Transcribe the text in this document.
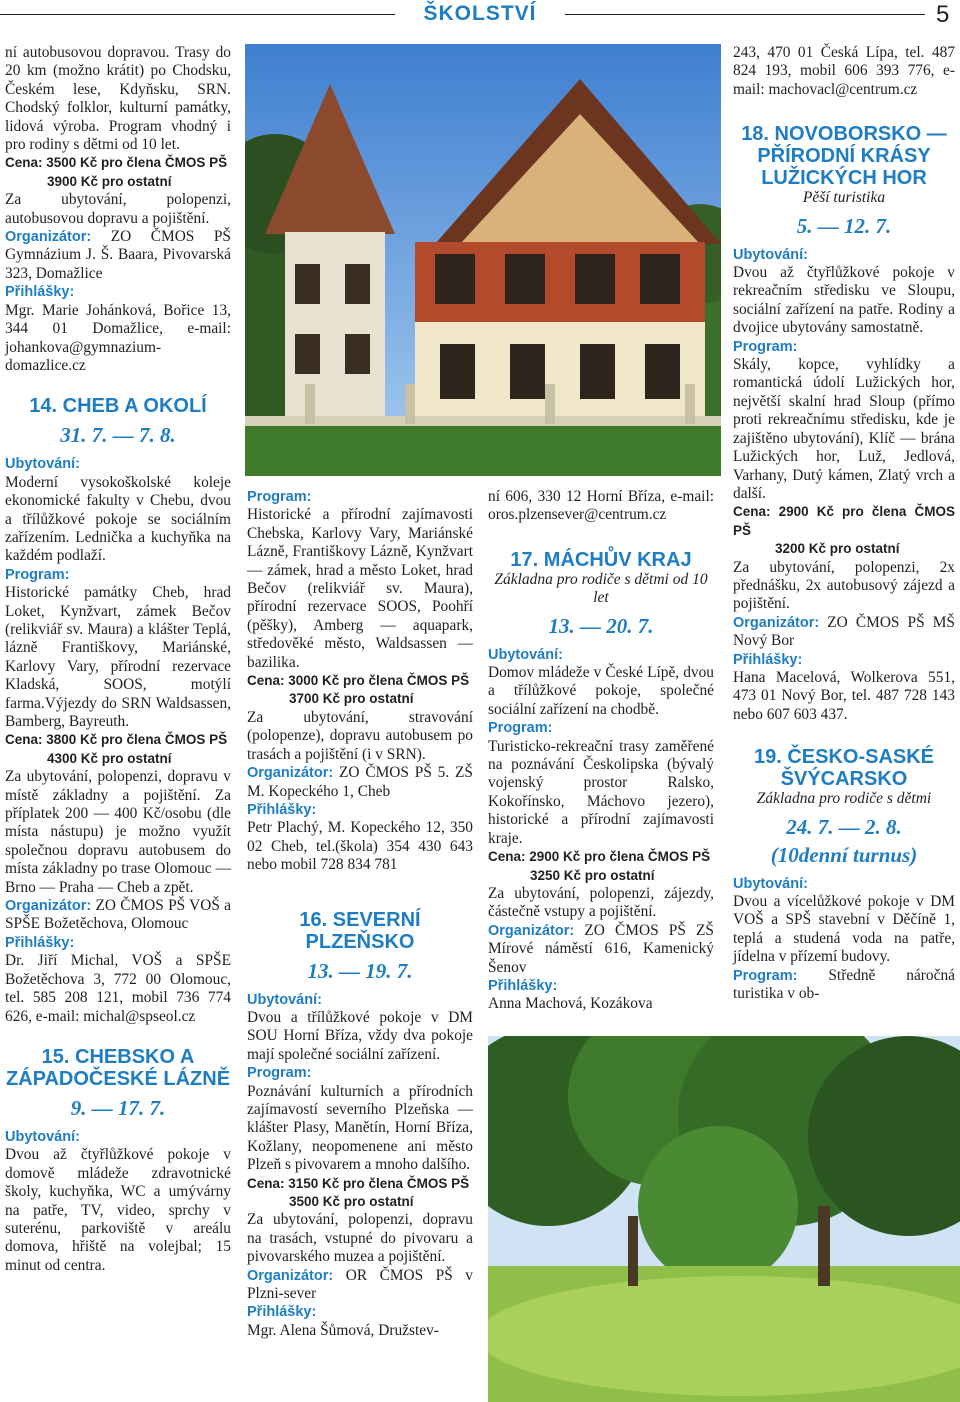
ŠKOLSTVÍ	5

ní autobusovou dopravou. Trasy do 20 km (možno krátit) po Chodsku, Českém lese, Kdyňsku, SRN. Chodský folklor, kulturní památky, lidová výroba. Program vhodný i pro rodiny s dětmi od 10 let.

Cena: 3500 Kč pro člena ČMOS PŠ

3900 Kč pro ostatní

Za ubytování, polopenzi, autobusovou dopravu a pojištění.

Organizátor: ZO ČMOS PŠ Gymnázium J. Š. Baara, Pivovarská 323, Domažlice

Přihlášky:

Mgr. Marie Johánková, Bořice 13, 344 01 Domažlice, e-mail: johankova@gymnazium-domazlice.cz

14. CHEB A OKOLÍ
31. 7. — 7. 8.

Ubytování:

Moderní vysokoškolské koleje ekonomické fakulty v Chebu, dvou a třílůžkové pokoje se sociálním zařízením. Lednička a kuchyňka na každém podlaží.

Program:

Historické památky Cheb, hrad Loket, Kynžvart, zámek Bečov (relikviář sv. Maura) a klášter Teplá, lázně Františkovy, Mariánské, Karlovy Vary, přírodní rezervace Kladská, SOOS, motýlí farma.Výjezdy do SRN Waldsassen, Bamberg, Bayreuth.

Cena: 3800 Kč pro člena ČMOS PŠ

4300 Kč pro ostatní

Za ubytování, polopenzi, dopravu v místě základny a pojištění. Za příplatek 200 — 400 Kč/osobu (dle místa nástupu) je možno využít společnou dopravu autobusem do místa základny po trase Olomouc — Brno — Praha — Cheb a zpět.

Organizátor: ZO ČMOS PŠ VOŠ a SPŠE Božetěchova, Olomouc

Přihlášky:

Dr. Jiří Michal, VOŠ a SPŠE Božetěchova 3, 772 00 Olomouc, tel. 585 208 121, mobil 736 774 626, e-mail: michal@spseol.cz

15. CHEBSKO A ZÁPADOČESKÉ LÁZNĚ
9. — 17. 7.

Ubytování:

Dvou až čtyřlůžkové pokoje v domově mládeže zdravotnické školy, kuchyňka, WC a umývárny na patře, TV, video, sprchy v suterénu, parkoviště v areálu domova, hřiště na volejbal; 15 minut od centra.

Program:

Historické a přírodní zajímavosti Chebska, Karlovy Vary, Mariánské Lázně, Františkovy Lázně, Kynžvart — zámek, hrad a město Loket, hrad Bečov (relikviář sv. Maura), přírodní rezervace SOOS, Poohří (pěšky), Amberg — aquapark, středověké město, Waldsassen — bazilika.

Cena: 3000 Kč pro člena ČMOS PŠ

3700 Kč pro ostatní

Za ubytování, stravování (polopenze), dopravu autobusem po trasách a pojištění (i v SRN).

Organizátor: ZO ČMOS PŠ 5. ZŠ M. Kopeckého 1, Cheb

Přihlášky:

Petr Plachý, M. Kopeckého 12, 350 02 Cheb, tel.(škola) 354 430 643 nebo mobil 728 834 781

16. SEVERNÍ PLZEŇSKO
13. — 19. 7.

Ubytování:

Dvou a třílůžkové pokoje v DM SOU Horní Bříza, vždy dva pokoje mají společné sociální zařízení.

Program:

Poznávání kulturních a přírodních zajímavostí severního Plzeňska — klášter Plasy, Manětín, Horní Bříza, Kožlany, neopomenene ani město Plzeň s pivovarem a mnoho dalšího.

Cena: 3150 Kč pro člena ČMOS PŠ

3500 Kč pro ostatní

Za ubytování, polopenzi, dopravu na trasách, vstupné do pivovaru a pivovarského muzea a pojištění.

Organizátor: OR ČMOS PŠ v Plzni-sever

Přihlášky:

Mgr. Alena Šůmová, Družstev-

ní 606, 330 12 Horní Bříza, e-mail: oros.plzensever@centrum.cz

17. MÁCHŮV KRAJ
Základna pro rodiče s dětmi od 10 let
13. — 20. 7.

Ubytování:

Domov mládeže v České Lípě, dvou a třílůžkové pokoje, společné sociální zařízení na chodbě.

Program:

Turisticko-rekreační trasy zaměřené na poznávání Českolipska (bývalý vojenský prostor Ralsko, Kokořínsko, Máchovo jezero), historické a přírodní zajímavosti kraje.

Cena: 2900 Kč pro člena ČMOS PŠ

3250 Kč pro ostatní

Za ubytování, polopenzi, zájezdy, částečně vstupy a pojištění.

Organizátor: ZO ČMOS PŠ ZŠ Mírové náměstí 616, Kamenický Šenov

Přihlášky:

Anna Machová, Kozákova

243, 470 01 Česká Lípa, tel. 487 824 193, mobil 606 393 776, e-mail: machovacl@centrum.cz

18. NOVOBORSKO — PŘÍRODNÍ KRÁSY LUŽICKÝCH HOR
Pěší turistika
5. — 12. 7.

Ubytování:

Dvou až čtyřlůžkové pokoje v rekreačním středisku ve Sloupu, sociální zařízení na patře. Rodiny a dvojice ubytovány samostatně.

Program:

Skály, kopce, vyhlídky a romantická údolí Lužických hor, největší skalní hrad Sloup (přímo proti rekreačnímu středisku, kde je zajištěno ubytování), Klíč — brána Lužických hor, Luž, Jedlová, Varhany, Dutý kámen, Zlatý vrch a další.

Cena: 2900 Kč pro člena ČMOS PŠ

3200 Kč pro ostatní

Za ubytování, polopenzi, 2x přednášku, 2x autobusový zájezd a pojištění.

Organizátor: ZO ČMOS PŠ MŠ Nový Bor

Přihlášky:

Hana Macelová, Wolkerova 551, 473 01 Nový Bor, tel. 487 728 143 nebo 607 603 437.

19. ČESKO-SASKÉ ŠVÝCARSKO
Základna pro rodiče s dětmi
24. 7. — 2. 8.
(10denní turnus)

Ubytování:

Dvou a vícelůžkové pokoje v DM VOŠ a SPŠ stavební v Děčíně 1, teplá a studená voda na patře, jídelna v přízemí budovy.

Program: Středně náročná turistika v ob-
